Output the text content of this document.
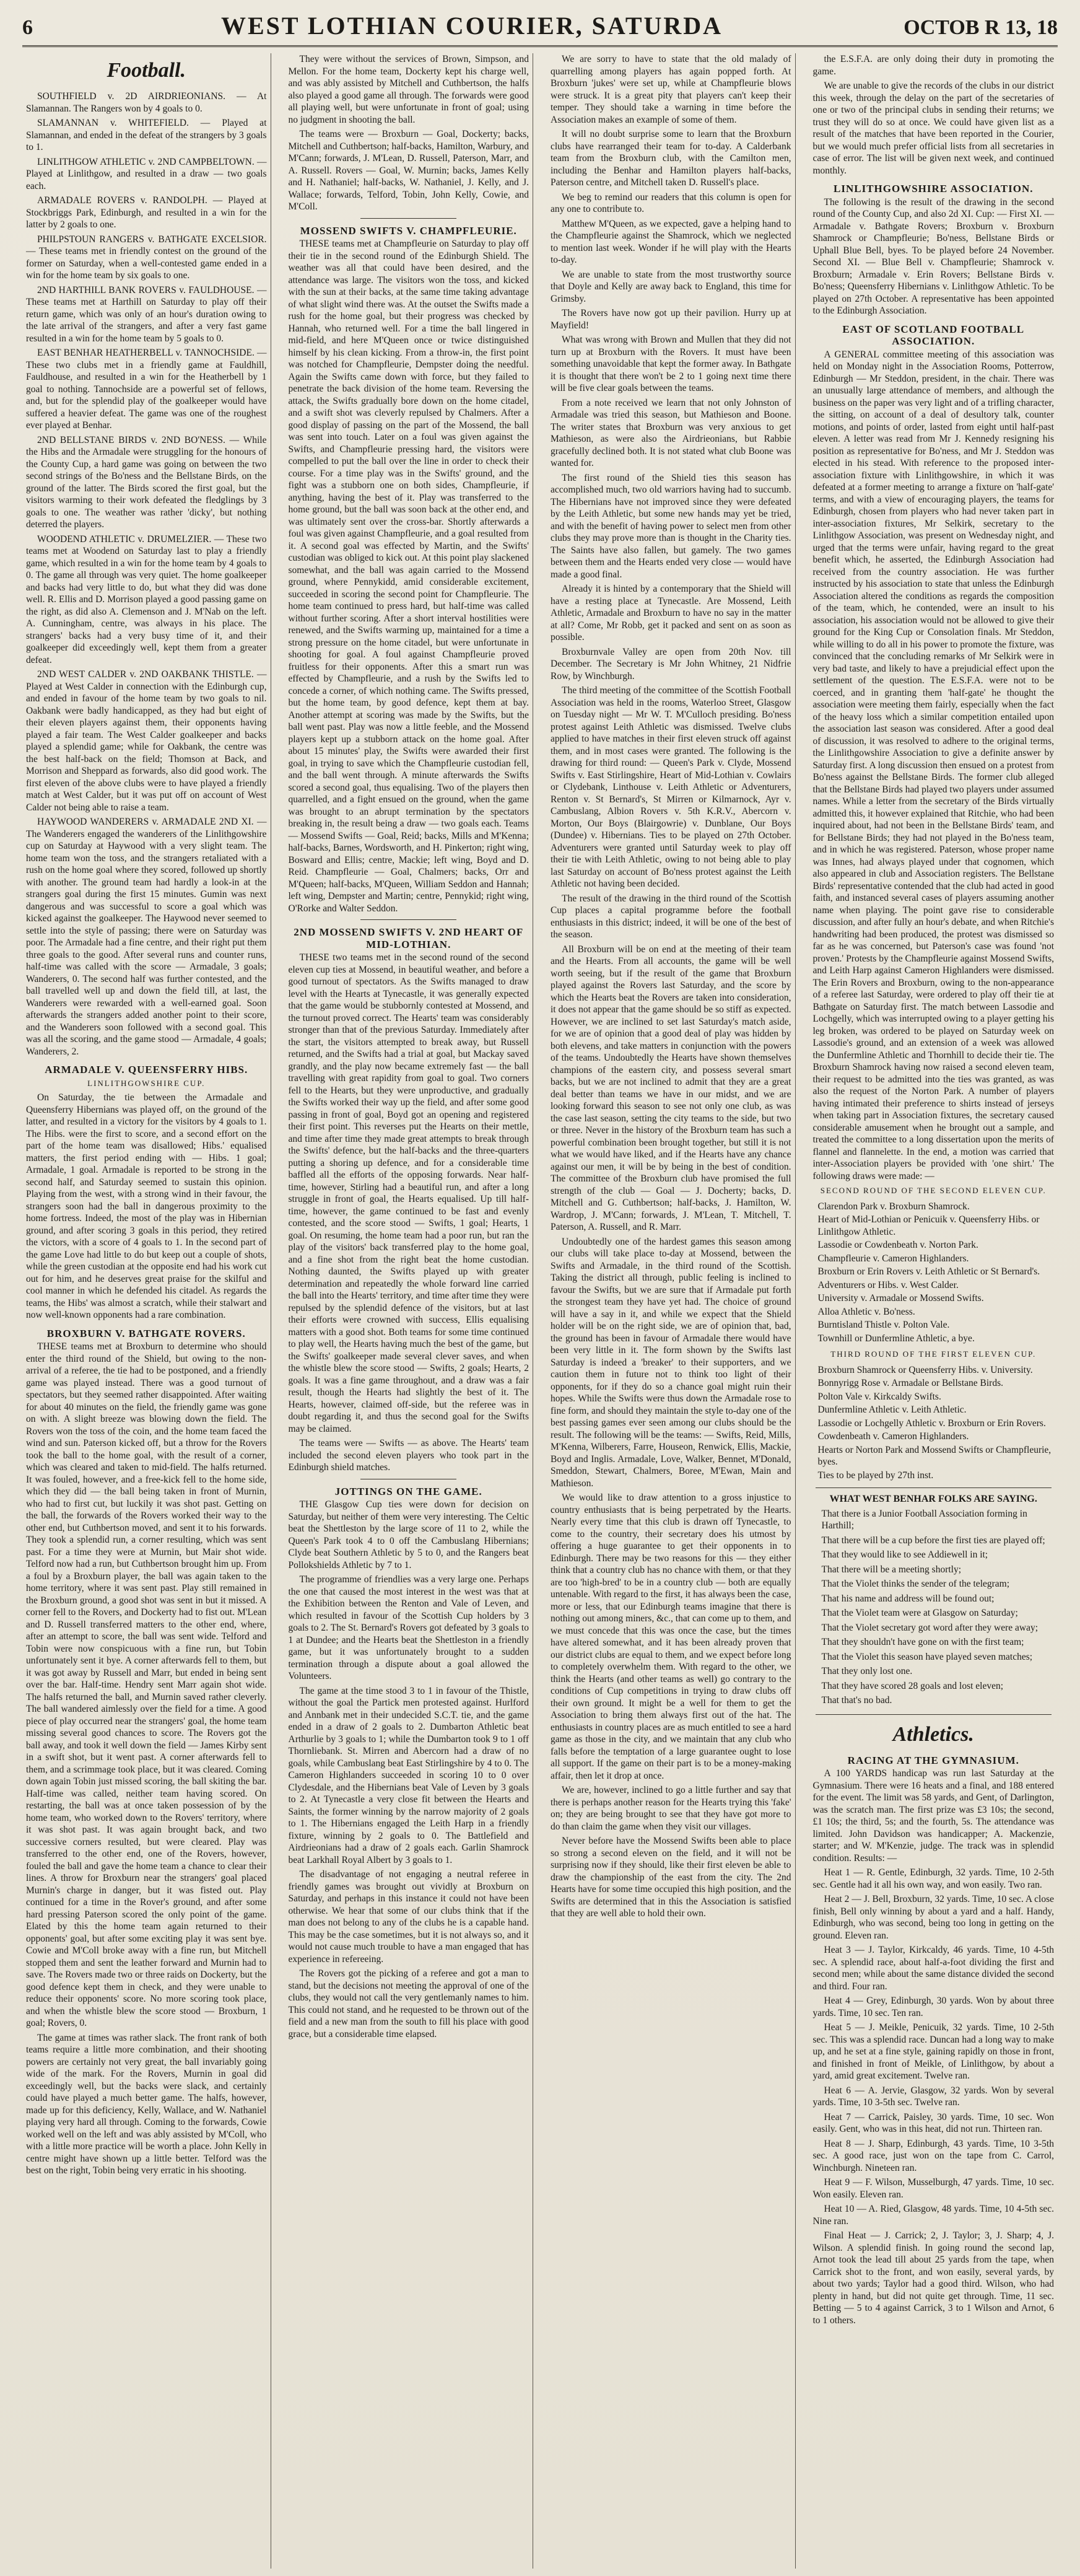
6	WEST LOTHIAN COURIER, SATURDA	OCTOB R 13, 18
Football.

SOUTHFIELD v. 2D AIRDRIEONIANS. — At Slamannan. The Rangers won by 4 goals to 0.

SLAMANNAN v. WHITEFIELD. — Played at Slamannan, and ended in the defeat of the strangers by 3 goals to 1.

LINLITHGOW ATHLETIC v. 2ND CAMPBELTOWN. — Played at Linlithgow, and resulted in a draw — two goals each.

ARMADALE ROVERS v. RANDOLPH. — Played at Stockbriggs Park, Edinburgh, and resulted in a win for the latter by 2 goals to one.

PHILPSTOUN RANGERS v. BATHGATE EXCELSIOR. — These teams met in friendly contest on the ground of the former on Saturday, when a well-contested game ended in a win for the home team by six goals to one.

2ND HARTHILL BANK ROVERS v. FAULDHOUSE. — These teams met at Harthill on Saturday to play off their return game, which was only of an hour's duration owing to the late arrival of the strangers, and after a very fast game resulted in a win for the home team by 5 goals to 0.

EAST BENHAR HEATHERBELL v. TANNOCHSIDE. — These two clubs met in a friendly game at Fauldhill, Fauldhouse, and resulted in a win for the Heatherbell by 1 goal to nothing. Tannochside are a powerful set of fellows, and, but for the splendid play of the goalkeeper would have suffered a heavier defeat. The game was one of the roughest ever played at Benhar.

2ND BELLSTANE BIRDS v. 2ND BO'NESS. — While the Hibs and the Armadale were struggling for the honours of the County Cup, a hard game was going on between the two second strings of the Bo'ness and the Bellstane Birds, on the ground of the latter. The Birds scored the first goal, but the visitors warming to their work defeated the fledglings by 3 goals to one. The weather was rather 'dicky', but nothing deterred the players.

WOODEND ATHLETIC v. DRUMELZIER. — These two teams met at Woodend on Saturday last to play a friendly game, which resulted in a win for the home team by 4 goals to 0. The game all through was very quiet. The home goalkeeper and backs had very little to do, but what they did was done well. R. Ellis and D. Morrison played a good passing game on the right, as did also A. Clemenson and J. M'Nab on the left. A. Cunningham, centre, was always in his place. The strangers' backs had a very busy time of it, and their goalkeeper did exceedingly well, kept them from a greater defeat.

2ND WEST CALDER v. 2ND OAKBANK THISTLE. — Played at West Calder in connection with the Edinburgh cup, and ended in favour of the home team by two goals to nil. Oakbank were badly handicapped, as they had but eight of their eleven players against them, their opponents having played a fair team. The West Calder goalkeeper and backs played a splendid game; while for Oakbank, the centre was the best half-back on the field; Thomson at Back, and Morrison and Sheppard as forwards, also did good work. The first eleven of the above clubs were to have played a friendly match at West Calder, but it was put off on account of West Calder not being able to raise a team.

HAYWOOD WANDERERS v. ARMADALE 2ND XI. — The Wanderers engaged the wanderers of the Linlithgowshire cup on Saturday at Haywood with a very slight team. The home team won the toss, and the strangers retaliated with a rush on the home goal where they scored, followed up shortly with another. The ground team had hardly a look-in at the strangers goal during the first 15 minutes. Gumin was next dangerous and was successful to score a goal which was kicked against the goalkeeper. The Haywood never seemed to settle into the style of passing; there were on Saturday was poor. The Armadale had a fine centre, and their right put them three goals to the good. After several runs and counter runs, half-time was called with the score — Armadale, 3 goals; Wanderers, 0. The second half was further contested, and the ball travelled well up and down the field till, at last, the Wanderers were rewarded with a well-earned goal. Soon afterwards the strangers added another point to their score, and the Wanderers soon followed with a second goal. This was all the scoring, and the game stood — Armadale, 4 goals; Wanderers, 2.

ARMADALE V. QUEENSFERRY HIBS.
LINLITHGOWSHIRE CUP.

On Saturday, the tie between the Armadale and Queensferry Hibernians was played off, on the ground of the latter, and resulted in a victory for the visitors by 4 goals to 1. The Hibs. were the first to score, and a second effort on the part of the home team was disallowed; Hibs.' equalised matters, the first period ending with — Hibs. 1 goal; Armadale, 1 goal. Armadale is reported to be strong in the second half, and Saturday seemed to sustain this opinion. Playing from the west, with a strong wind in their favour, the strangers soon had the ball in dangerous proximity to the home fortress. Indeed, the most of the play was in Hibernian ground, and after scoring 3 goals in this period, they retired the victors, with a score of 4 goals to 1. In the second part of the game Love had little to do but keep out a couple of shots, while the green custodian at the opposite end had his work cut out for him, and he deserves great praise for the skilful and cool manner in which he defended his citadel. As regards the teams, the Hibs' was almost a scratch, while their stalwart and now well-known opponents had a rare combination.

BROXBURN V. BATHGATE ROVERS.

THESE teams met at Broxburn to determine who should enter the third round of the Shield, but owing to the non-arrival of a referee, the tie had to be postponed, and a friendly game was played instead. There was a good turnout of spectators, but they seemed rather disappointed. After waiting for about 40 minutes on the field, the friendly game was gone on with. A slight breeze was blowing down the field. The Rovers won the toss of the coin, and the home team faced the wind and sun. Paterson kicked off, but a throw for the Rovers took the ball to the home goal, with the result of a corner, which was cleared and taken to mid-field. The halfs returned. It was fouled, however, and a free-kick fell to the home side, which they did — the ball being taken in front of Murnin, who had to first cut, but luckily it was shot past. Getting on the ball, the forwards of the Rovers worked their way to the other end, but Cuthbertson moved, and sent it to his forwards. They took a splendid run, a corner resulting, which was sent past. For a time they were at Murnin, but Mair shot wide. Telford now had a run, but Cuthbertson brought him up. From a foul by a Broxburn player, the ball was again taken to the home territory, where it was sent past. Play still remained in the Broxburn ground, a good shot was sent in but it missed. A corner fell to the Rovers, and Dockerty had to fist out. M'Lean and D. Russell transferred matters to the other end, where, after an attempt to score, the ball was sent wide. Telford and Tobin were now conspicuous with a fine run, but Tobin unfortunately sent it bye. A corner afterwards fell to them, but it was got away by Russell and Marr, but ended in being sent over the bar. Half-time. Hendry sent Marr again shot wide. The halfs returned the ball, and Murnin saved rather cleverly. The ball wandered aimlessly over the field for a time. A good piece of play occurred near the strangers' goal, the home team missing several good chances to score. The Rovers got the ball away, and took it well down the field — James Kirby sent in a swift shot, but it went past. A corner afterwards fell to them, and a scrimmage took place, but it was cleared. Coming down again Tobin just missed scoring, the ball skiting the bar. Half-time was called, neither team having scored. On restarting, the ball was at once taken possession of by the home team, who worked down to the Rovers' territory, where it was shot past. It was again brought back, and two successive corners resulted, but were cleared. Play was transferred to the other end, one of the Rovers, however, fouled the ball and gave the home team a chance to clear their lines. A throw for Broxburn near the strangers' goal placed Murnin's charge in danger, but it was fisted out. Play continued for a time in the Rover's ground, and after some hard pressing Paterson scored the only point of the game. Elated by this the home team again returned to their opponents' goal, but after some exciting play it was sent bye. Cowie and M'Coll broke away with a fine run, but Mitchell stopped them and sent the leather forward and Murnin had to save. The Rovers made two or three raids on Dockerty, but the good defence kept them in check, and they were unable to reduce their opponents' score. No more scoring took place, and when the whistle blew the score stood — Broxburn, 1 goal; Rovers, 0.

The game at times was rather slack. The front rank of both teams require a little more combination, and their shooting powers are certainly not very great, the ball invariably going wide of the mark. For the Rovers, Murnin in goal did exceedingly well, but the backs were slack, and certainly could have played a much better game. The halfs, however, made up for this deficiency, Kelly, Wallace, and W. Nathaniel playing very hard all through. Coming to the forwards, Cowie worked well on the left and was ably assisted by M'Coll, who with a little more practice will be worth a place. John Kelly in centre might have shown up a little better. Telford was the best on the right, Tobin being very erratic in his shooting.

They were without the services of Brown, Simpson, and Mellon. For the home team, Dockerty kept his charge well, and was ably assisted by Mitchell and Cuthbertson, the halfs also played a good game all through. The forwards were good all playing well, but were unfortunate in front of goal; using no judgment in shooting the ball.

The teams were — Broxburn — Goal, Dockerty; backs, Mitchell and Cuthbertson; half-backs, Hamilton, Warbury, and M'Cann; forwards, J. M'Lean, D. Russell, Paterson, Marr, and A. Russell. Rovers — Goal, W. Murnin; backs, James Kelly and H. Nathaniel; half-backs, W. Nathaniel, J. Kelly, and J. Wallace; forwards, Telford, Tobin, John Kelly, Cowie, and M'Coll.

MOSSEND SWIFTS V. CHAMPFLEURIE.

THESE teams met at Champfleurie on Saturday to play off their tie in the second round of the Edinburgh Shield. The weather was all that could have been desired, and the attendance was large. The visitors won the toss, and kicked with the sun at their backs, at the same time taking advantage of what slight wind there was. At the outset the Swifts made a rush for the home goal, but their progress was checked by Hannah, who returned well. For a time the ball lingered in mid-field, and here M'Queen once or twice distinguished himself by his clean kicking. From a throw-in, the first point was notched for Champfleurie, Dempster doing the needful. Again the Swifts came down with force, but they failed to penetrate the back division of the home team. Reversing the attack, the Swifts gradually bore down on the home citadel, and a swift shot was cleverly repulsed by Chalmers. After a good display of passing on the part of the Mossend, the ball was sent into touch. Later on a foul was given against the Swifts, and Champfleurie pressing hard, the visitors were compelled to put the ball over the line in order to check their course. For a time play was in the Swifts' ground, and the fight was a stubborn one on both sides, Champfleurie, if anything, having the best of it. Play was transferred to the home ground, but the ball was soon back at the other end, and was ultimately sent over the cross-bar. Shortly afterwards a foul was given against Champfleurie, and a goal resulted from it. A second goal was effected by Martin, and the Swifts' custodian was obliged to kick out. At this point play slackened somewhat, and the ball was again carried to the Mossend ground, where Pennykidd, amid considerable excitement, succeeded in scoring the second point for Champfleurie. The home team continued to press hard, but half-time was called without further scoring. After a short interval hostilities were renewed, and the Swifts warming up, maintained for a time a strong pressure on the home citadel, but were unfortunate in shooting for goal. A foul against Champfleurie proved fruitless for their opponents. After this a smart run was effected by Champfleurie, and a rush by the Swifts led to concede a corner, of which nothing came. The Swifts pressed, but the home team, by good defence, kept them at bay. Another attempt at scoring was made by the Swifts, but the ball went past. Play was now a little feeble, and the Mossend players kept up a stubborn attack on the home goal. After about 15 minutes' play, the Swifts were awarded their first goal, in trying to save which the Champfleurie custodian fell, and the ball went through. A minute afterwards the Swifts scored a second goal, thus equalising. Two of the players then quarrelled, and a fight ensued on the ground, when the game was brought to an abrupt termination by the spectators breaking in, the result being a draw — two goals each. Teams — Mossend Swifts — Goal, Reid; backs, Mills and M'Kenna; half-backs, Barnes, Wordsworth, and H. Pinkerton; right wing, Bosward and Ellis; centre, Mackie; left wing, Boyd and D. Reid. Champfleurie — Goal, Chalmers; backs, Orr and M'Queen; half-backs, M'Queen, William Seddon and Hannah; left wing, Dempster and Martin; centre, Pennykid; right wing, O'Rorke and Walter Seddon.

2ND MOSSEND SWIFTS V. 2ND HEART OF MID-LOTHIAN.

THESE two teams met in the second round of the second eleven cup ties at Mossend, in beautiful weather, and before a good turnout of spectators. As the Swifts managed to draw level with the Hearts at Tynecastle, it was generally expected that the game would be stubbornly contested at Mossend, and the turnout proved correct. The Hearts' team was considerably stronger than that of the previous Saturday. Immediately after the start, the visitors attempted to break away, but Russell returned, and the Swifts had a trial at goal, but Mackay saved grandly, and the play now became extremely fast — the ball travelling with great rapidity from goal to goal. Two corners fell to the Hearts, but they were unproductive, and gradually the Swifts worked their way up the field, and after some good passing in front of goal, Boyd got an opening and registered their first point. This reverses put the Hearts on their mettle, and time after time they made great attempts to break through the Swifts' defence, but the half-backs and the three-quarters putting a shoring up defence, and for a considerable time baffled all the efforts of the opposing forwards. Near half-time, however, Stirling had a beautiful run, and after a long struggle in front of goal, the Hearts equalised. Up till half-time, however, the game continued to be fast and evenly contested, and the score stood — Swifts, 1 goal; Hearts, 1 goal. On resuming, the home team had a poor run, but ran the play of the visitors' back transferred play to the home goal, and a fine shot from the right beat the home custodian. Nothing daunted, the Swifts played up with greater determination and repeatedly the whole forward line carried the ball into the Hearts' territory, and time after time they were repulsed by the splendid defence of the visitors, but at last their efforts were crowned with success, Ellis equalising matters with a good shot. Both teams for some time continued to play well, the Hearts having much the best of the game, but the Swifts' goalkeeper made several clever saves, and when the whistle blew the score stood — Swifts, 2 goals; Hearts, 2 goals. It was a fine game throughout, and a draw was a fair result, though the Hearts had slightly the best of it. The Hearts, however, claimed off-side, but the referee was in doubt regarding it, and thus the second goal for the Swifts may be claimed.

The teams were — Swifts — as above. The Hearts' team included the second eleven players who took part in the Edinburgh shield matches.

JOTTINGS ON THE GAME.

THE Glasgow Cup ties were down for decision on Saturday, but neither of them were very interesting. The Celtic beat the Shettleston by the large score of 11 to 2, while the Queen's Park took 4 to 0 off the Cambuslang Hibernians; Clyde beat Southern Athletic by 5 to 0, and the Rangers beat Pollokshields Athletic by 7 to 1.

The programme of friendlies was a very large one. Perhaps the one that caused the most interest in the west was that at the Exhibition between the Renton and Vale of Leven, and which resulted in favour of the Scottish Cup holders by 3 goals to 2. The St. Bernard's Rovers got defeated by 3 goals to 1 at Dundee; and the Hearts beat the Shettleston in a friendly game, but it was unfortunately brought to a sudden termination through a dispute about a goal allowed the Volunteers.

The game at the time stood 3 to 1 in favour of the Thistle, without the goal the Partick men protested against. Hurlford and Annbank met in their undecided S.C.T. tie, and the game ended in a draw of 2 goals to 2. Dumbarton Athletic beat Arthurlie by 3 goals to 1; while the Dumbarton took 9 to 1 off Thornliebank. St. Mirren and Abercorn had a draw of no goals, while Cambuslang beat East Stirlingshire by 4 to 0. The Cameron Highlanders succeeded in scoring 10 to 0 over Clydesdale, and the Hibernians beat Vale of Leven by 3 goals to 2. At Tynecastle a very close fit between the Hearts and Saints, the former winning by the narrow majority of 2 goals to 1. The Hibernians engaged the Leith Harp in a friendly fixture, winning by 2 goals to 0. The Battlefield and Airdrieonians had a draw of 2 goals each. Garlin Shamrock beat Larkhall Royal Albert by 3 goals to 1.

The disadvantage of not engaging a neutral referee in friendly games was brought out vividly at Broxburn on Saturday, and perhaps in this instance it could not have been otherwise. We hear that some of our clubs think that if the man does not belong to any of the clubs he is a capable hand. This may be the case sometimes, but it is not always so, and it would not cause much trouble to have a man engaged that has experience in refereeing.

The Rovers got the picking of a referee and got a man to stand, but the decisions not meeting the approval of one of the clubs, they would not call the very gentlemanly names to him. This could not stand, and he requested to be thrown out of the field and a new man from the south to fill his place with good grace, but a considerable time elapsed.

We are sorry to have to state that the old malady of quarrelling among players has again popped forth. At Broxburn 'jukes' were set up, while at Champfleurie blows were struck. It is a great pity that players can't keep their temper. They should take a warning in time before the Association makes an example of some of them.

It will no doubt surprise some to learn that the Broxburn clubs have rearranged their team for to-day. A Calderbank team from the Broxburn club, with the Camilton men, including the Benhar and Hamilton players half-backs, Paterson centre, and Mitchell taken D. Russell's place.

We beg to remind our readers that this column is open for any one to contribute to.

Matthew M'Queen, as we expected, gave a helping hand to the Champfleurie against the Shamrock, which we neglected to mention last week. Wonder if he will play with the Hearts to-day.

We are unable to state from the most trustworthy source that Doyle and Kelly are away back to England, this time for Grimsby.

The Rovers have now got up their pavilion. Hurry up at Mayfield!

What was wrong with Brown and Mullen that they did not turn up at Broxburn with the Rovers. It must have been something unavoidable that kept the former away. In Bathgate it is thought that there won't be 2 to 1 going next time there will be five clear goals between the teams.

From a note received we learn that not only Johnston of Armadale was tried this season, but Mathieson and Boone. The writer states that Broxburn was very anxious to get Mathieson, as were also the Airdrieonians, but Rabbie gracefully declined both. It is not stated what club Boone was wanted for.

The first round of the Shield ties this season has accomplished much, two old warriors having had to succumb. The Hibernians have not improved since they were defeated by the Leith Athletic, but some new hands may yet be tried, and with the benefit of having power to select men from other clubs they may prove more than is thought in the Charity ties. The Saints have also fallen, but gamely. The two games between them and the Hearts ended very close — would have made a good final.

Already it is hinted by a contemporary that the Shield will have a resting place at Tynecastle. Are Mossend, Leith Athletic, Armadale and Broxburn to have no say in the matter at all? Come, Mr Robb, get it packed and sent on as soon as possible.

Broxburnvale Valley are open from 20th Nov. till December. The Secretary is Mr John Whitney, 21 Nidfrie Row, by Winchburgh.

The third meeting of the committee of the Scottish Football Association was held in the rooms, Waterloo Street, Glasgow on Tuesday night — Mr W. T. M'Culloch presiding. Bo'ness protest against Leith Athletic was dismissed. Twelve clubs applied to have matches in their first eleven struck off against them, and in most cases were granted. The following is the drawing for third round: — Queen's Park v. Clyde, Mossend Swifts v. East Stirlingshire, Heart of Mid-Lothian v. Cowlairs or Clydebank, Linthouse v. Leith Athletic or Adventurers, Renton v. St Bernard's, St Mirren or Kilmarnock, Ayr v. Cambuslang, Albion Rovers v. 5th K.R.V., Abercorn v. Morton, Our Boys (Blairgowrie) v. Dunblane, Our Boys (Dundee) v. Hibernians. Ties to be played on 27th October. Adventurers were granted until Saturday week to play off their tie with Leith Athletic, owing to not being able to play last Saturday on account of Bo'ness protest against the Leith Athletic not having been decided.

The result of the drawing in the third round of the Scottish Cup places a capital programme before the football enthusiasts in this district; indeed, it will be one of the best of the season.

All Broxburn will be on end at the meeting of their team and the Hearts. From all accounts, the game will be well worth seeing, but if the result of the game that Broxburn played against the Rovers last Saturday, and the score by which the Hearts beat the Rovers are taken into consideration, it does not appear that the game should be so stiff as expected. However, we are inclined to set last Saturday's match aside, for we are of opinion that a good deal of play was hidden by both elevens, and take matters in conjunction with the powers of the teams. Undoubtedly the Hearts have shown themselves champions of the eastern city, and possess several smart backs, but we are not inclined to admit that they are a great deal better than teams we have in our midst, and we are looking forward this season to see not only one club, as was the case last season, setting the city teams to the side, but two or three. Never in the history of the Broxburn team has such a powerful combination been brought together, but still it is not what we would have liked, and if the Hearts have any chance against our men, it will be by being in the best of condition. The committee of the Broxburn club have promised the full strength of the club — Goal — J. Docherty; backs, D. Mitchell and G. Cuthbertson; half-backs, J. Hamilton, W. Wardrop, J. M'Cann; forwards, J. M'Lean, T. Mitchell, T. Paterson, A. Russell, and R. Marr.

Undoubtedly one of the hardest games this season among our clubs will take place to-day at Mossend, between the Swifts and Armadale, in the third round of the Scottish. Taking the district all through, public feeling is inclined to favour the Swifts, but we are sure that if Armadale put forth the strongest team they have yet had. The choice of ground will have a say in it, and while we expect that the Shield holder will be on the right side, we are of opinion that, bad, the ground has been in favour of Armadale there would have been very little in it. The form shown by the Swifts last Saturday is indeed a 'breaker' to their supporters, and we caution them in future not to think too light of their opponents, for if they do so a chance goal might ruin their hopes. While the Swifts were thus down the Armadale rose to fine form, and should they maintain the style to-day one of the best passing games ever seen among our clubs should be the result. The following will be the teams: — Swifts, Reid, Mills, M'Kenna, Wilberers, Farre, Houseon, Renwick, Ellis, Mackie, Boyd and Inglis. Armadale, Love, Walker, Bennet, M'Donald, Smeddon, Stewart, Chalmers, Boree, M'Ewan, Main and Mathieson.

We would like to draw attention to a gross injustice to country enthusiasts that is being perpetrated by the Hearts. Nearly every time that this club is drawn off Tynecastle, to come to the country, their secretary does his utmost by offering a huge guarantee to get their opponents in to Edinburgh. There may be two reasons for this — they either think that a country club has no chance with them, or that they are too 'high-bred' to be in a country club — both are equally untenable. With regard to the first, it has always been the case, more or less, that our Edinburgh teams imagine that there is nothing out among miners, &c., that can come up to them, and we must concede that this was once the case, but the times have altered somewhat, and it has been already proven that our district clubs are equal to them, and we expect before long to completely overwhelm them. With regard to the other, we think the Hearts (and other teams as well) go contrary to the conditions of Cup competitions in trying to draw clubs off their own ground. It might be a well for them to get the Association to bring them always first out of the hat. The enthusiasts in country places are as much entitled to see a hard game as those in the city, and we maintain that any club who falls before the temptation of a large guarantee ought to lose all support. If the game on their part is to be a money-making affair, then let it drop at once.

We are, however, inclined to go a little further and say that there is perhaps another reason for the Hearts trying this 'fake' on; they are being brought to see that they have got more to do than claim the game when they visit our villages.

Never before have the Mossend Swifts been able to place so strong a second eleven on the field, and it will not be surprising now if they should, like their first eleven be able to draw the championship of the east from the city. The 2nd Hearts have for some time occupied this high position, and the Swifts are determined that in this the Association is satisfied that they are well able to hold their own.

the E.S.F.A. are only doing their duty in promoting the game.

We are unable to give the records of the clubs in our district this week, through the delay on the part of the secretaries of one or two of the principal clubs in sending their returns; we trust they will do so at once. We could have given list as a result of the matches that have been reported in the Courier, but we would much prefer official lists from all secretaries in case of error. The list will be given next week, and continued monthly.

LINLITHGOWSHIRE ASSOCIATION.

The following is the result of the drawing in the second round of the County Cup, and also 2d XI. Cup: — First XI. — Armadale v. Bathgate Rovers; Broxburn v. Broxburn Shamrock or Champfleurie; Bo'ness, Bellstane Birds or Uphall Blue Bell, byes. To be played before 24 November. Second XI. — Blue Bell v. Champfleurie; Shamrock v. Broxburn; Armadale v. Erin Rovers; Bellstane Birds v. Bo'ness; Queensferry Hibernians v. Linlithgow Athletic. To be played on 27th October. A representative has been appointed to the Edinburgh Association.

EAST OF SCOTLAND FOOTBALL ASSOCIATION.

A GENERAL committee meeting of this association was held on Monday night in the Association Rooms, Potterrow, Edinburgh — Mr Steddon, president, in the chair. There was an unusually large attendance of members, and although the business on the paper was very light and of a trifling character, the sitting, on account of a deal of desultory talk, counter motions, and points of order, lasted from eight until half-past eleven. A letter was read from Mr J. Kennedy resigning his position as representative for Bo'ness, and Mr J. Steddon was elected in his stead. With reference to the proposed inter-association fixture with Linlithgowshire, in which it was defeated at a former meeting to arrange a fixture on 'half-gate' terms, and with a view of encouraging players, the teams for Edinburgh, chosen from players who had never taken part in inter-association fixtures, Mr Selkirk, secretary to the Linlithgow Association, was present on Wednesday night, and urged that the terms were unfair, having regard to the great benefit which, he asserted, the Edinburgh Association had received from the country association. He was further instructed by his association to state that unless the Edinburgh Association altered the conditions as regards the composition of the team, which, he contended, were an insult to his association, his association would not be allowed to give their ground for the King Cup or Consolation finals. Mr Steddon, while willing to do all in his power to promote the fixture, was convinced that the concluding remarks of Mr Selkirk were in very bad taste, and likely to have a prejudicial effect upon the settlement of the question. The E.S.F.A. were not to be coerced, and in granting them 'half-gate' he thought the association were meeting them fairly, especially when the fact of the heavy loss which a similar competition entailed upon the association last season was considered. After a good deal of discussion, it was resolved to adhere to the original terms, the Linlithgowshire Association to give a definite answer by Saturday first. A long discussion then ensued on a protest from Bo'ness against the Bellstane Birds. The former club alleged that the Bellstane Birds had played two players under assumed names. While a letter from the secretary of the Birds virtually admitted this, it however explained that Ritchie, who had been inquired about, had not been in the Bellstane Birds' team, and for Bellstane Birds; they had not played in the Bo'ness team, and in which he was registered. Paterson, whose proper name was Innes, had always played under that cognomen, which also appeared in club and Association registers. The Bellstane Birds' representative contended that the club had acted in good faith, and instanced several cases of players assuming another name when playing. The point gave rise to considerable discussion, and after fully an hour's debate, and when Ritchie's handwriting had been produced, the protest was dismissed so far as he was concerned, but Paterson's case was found 'not proven.' Protests by the Champfleurie against Mossend Swifts, and Leith Harp against Cameron Highlanders were dismissed. The Erin Rovers and Broxburn, owing to the non-appearance of a referee last Saturday, were ordered to play off their tie at Bathgate on Saturday first. The match between Lassodie and Lochgelly, which was interrupted owing to a player getting his leg broken, was ordered to be played on Saturday week on Lassodie's ground, and an extension of a week was allowed the Dunfermline Athletic and Thornhill to decide their tie. The Broxburn Shamrock having now raised a second eleven team, their request to be admitted into the ties was granted, as was also the request of the Norton Park. A number of players having intimated their preference to shirts instead of jerseys when taking part in Association fixtures, the secretary caused considerable amusement when he brought out a sample, and treated the committee to a long dissertation upon the merits of flannel and flannelette. In the end, a motion was carried that inter-Association players be provided with 'one shirt.' The following draws were made: —

SECOND ROUND OF THE SECOND ELEVEN CUP.
Clarendon Park v. Broxburn Shamrock.
Heart of Mid-Lothian or Penicuik v. Queensferry Hibs. or Linlithgow Athletic.
Lassodie or Cowdenbeath v. Norton Park.
Champfleurie v. Cameron Highlanders.
Broxburn or Erin Rovers v. Leith Athletic or St Bernard's.
Adventurers or Hibs. v. West Calder.
University v. Armadale or Mossend Swifts.
Alloa Athletic v. Bo'ness.
Burntisland Thistle v. Polton Vale.
Townhill or Dunfermline Athletic, a bye.
THIRD ROUND OF THE FIRST ELEVEN CUP.
Broxburn Shamrock or Queensferry Hibs. v. University.
Bonnyrigg Rose v. Armadale or Bellstane Birds.
Polton Vale v. Kirkcaldy Swifts.
Dunfermline Athletic v. Leith Athletic.
Lassodie or Lochgelly Athletic v. Broxburn or Erin Rovers.
Cowdenbeath v. Cameron Highlanders.
Hearts or Norton Park and Mossend Swifts or Champfleurie, byes.
Ties to be played by 27th inst.
WHAT WEST BENHAR FOLKS ARE SAYING.
That there is a Junior Football Association forming in Harthill;
That there will be a cup before the first ties are played off;
That they would like to see Addiewell in it;
That there will be a meeting shortly;
That the Violet thinks the sender of the telegram;
That his name and address will be found out;
That the Violet team were at Glasgow on Saturday;
That the Violet secretary got word after they were away;
That they shouldn't have gone on with the first team;
That the Violet this season have played seven matches;
That they only lost one.
That they have scored 28 goals and lost eleven;
That that's no bad.
Athletics.
RACING AT THE GYMNASIUM.

A 100 YARDS handicap was run last Saturday at the Gymnasium. There were 16 heats and a final, and 188 entered for the event. The limit was 58 yards, and Gent, of Darlington, was the scratch man. The first prize was £3 10s; the second, £1 10s; the third, 5s; and the fourth, 5s. The attendance was limited. John Davidson was handicapper; A. Mackenzie, starter; and W. M'Kenzie, judge. The track was in splendid condition. Results: —

Heat 1 — R. Gentle, Edinburgh, 32 yards. Time, 10 2-5th sec. Gentle had it all his own way, and won easily. Two ran.

Heat 2 — J. Bell, Broxburn, 32 yards. Time, 10 sec. A close finish, Bell only winning by about a yard and a half. Handy, Edinburgh, who was second, being too long in getting on the ground. Eleven ran.

Heat 3 — J. Taylor, Kirkcaldy, 46 yards. Time, 10 4-5th sec. A splendid race, about half-a-foot dividing the first and second men; while about the same distance divided the second and third. Four ran.

Heat 4 — Grey, Edinburgh, 30 yards. Won by about three yards. Time, 10 sec. Ten ran.

Heat 5 — J. Meikle, Penicuik, 32 yards. Time, 10 2-5th sec. This was a splendid race. Duncan had a long way to make up, and he set at a fine style, gaining rapidly on those in front, and finished in front of Meikle, of Linlithgow, by about a yard, amid great excitement. Twelve ran.

Heat 6 — A. Jervie, Glasgow, 32 yards. Won by several yards. Time, 10 3-5th sec. Twelve ran.

Heat 7 — Carrick, Paisley, 30 yards. Time, 10 sec. Won easily. Gent, who was in this heat, did not run. Thirteen ran.

Heat 8 — J. Sharp, Edinburgh, 43 yards. Time, 10 3-5th sec. A good race, just won on the tape from C. Carrol, Winchburgh. Nineteen ran.

Heat 9 — F. Wilson, Musselburgh, 47 yards. Time, 10 sec. Won easily. Eleven ran.

Heat 10 — A. Ried, Glasgow, 48 yards. Time, 10 4-5th sec. Nine ran.

Final Heat — J. Carrick; 2, J. Taylor; 3, J. Sharp; 4, J. Wilson. A splendid finish. In going round the second lap, Arnot took the lead till about 25 yards from the tape, when Carrick shot to the front, and won easily, several yards, by about two yards; Taylor had a good third. Wilson, who had plenty in hand, but did not quite get through. Time, 11 sec. Betting — 5 to 4 against Carrick, 3 to 1 Wilson and Arnot, 6 to 1 others.
